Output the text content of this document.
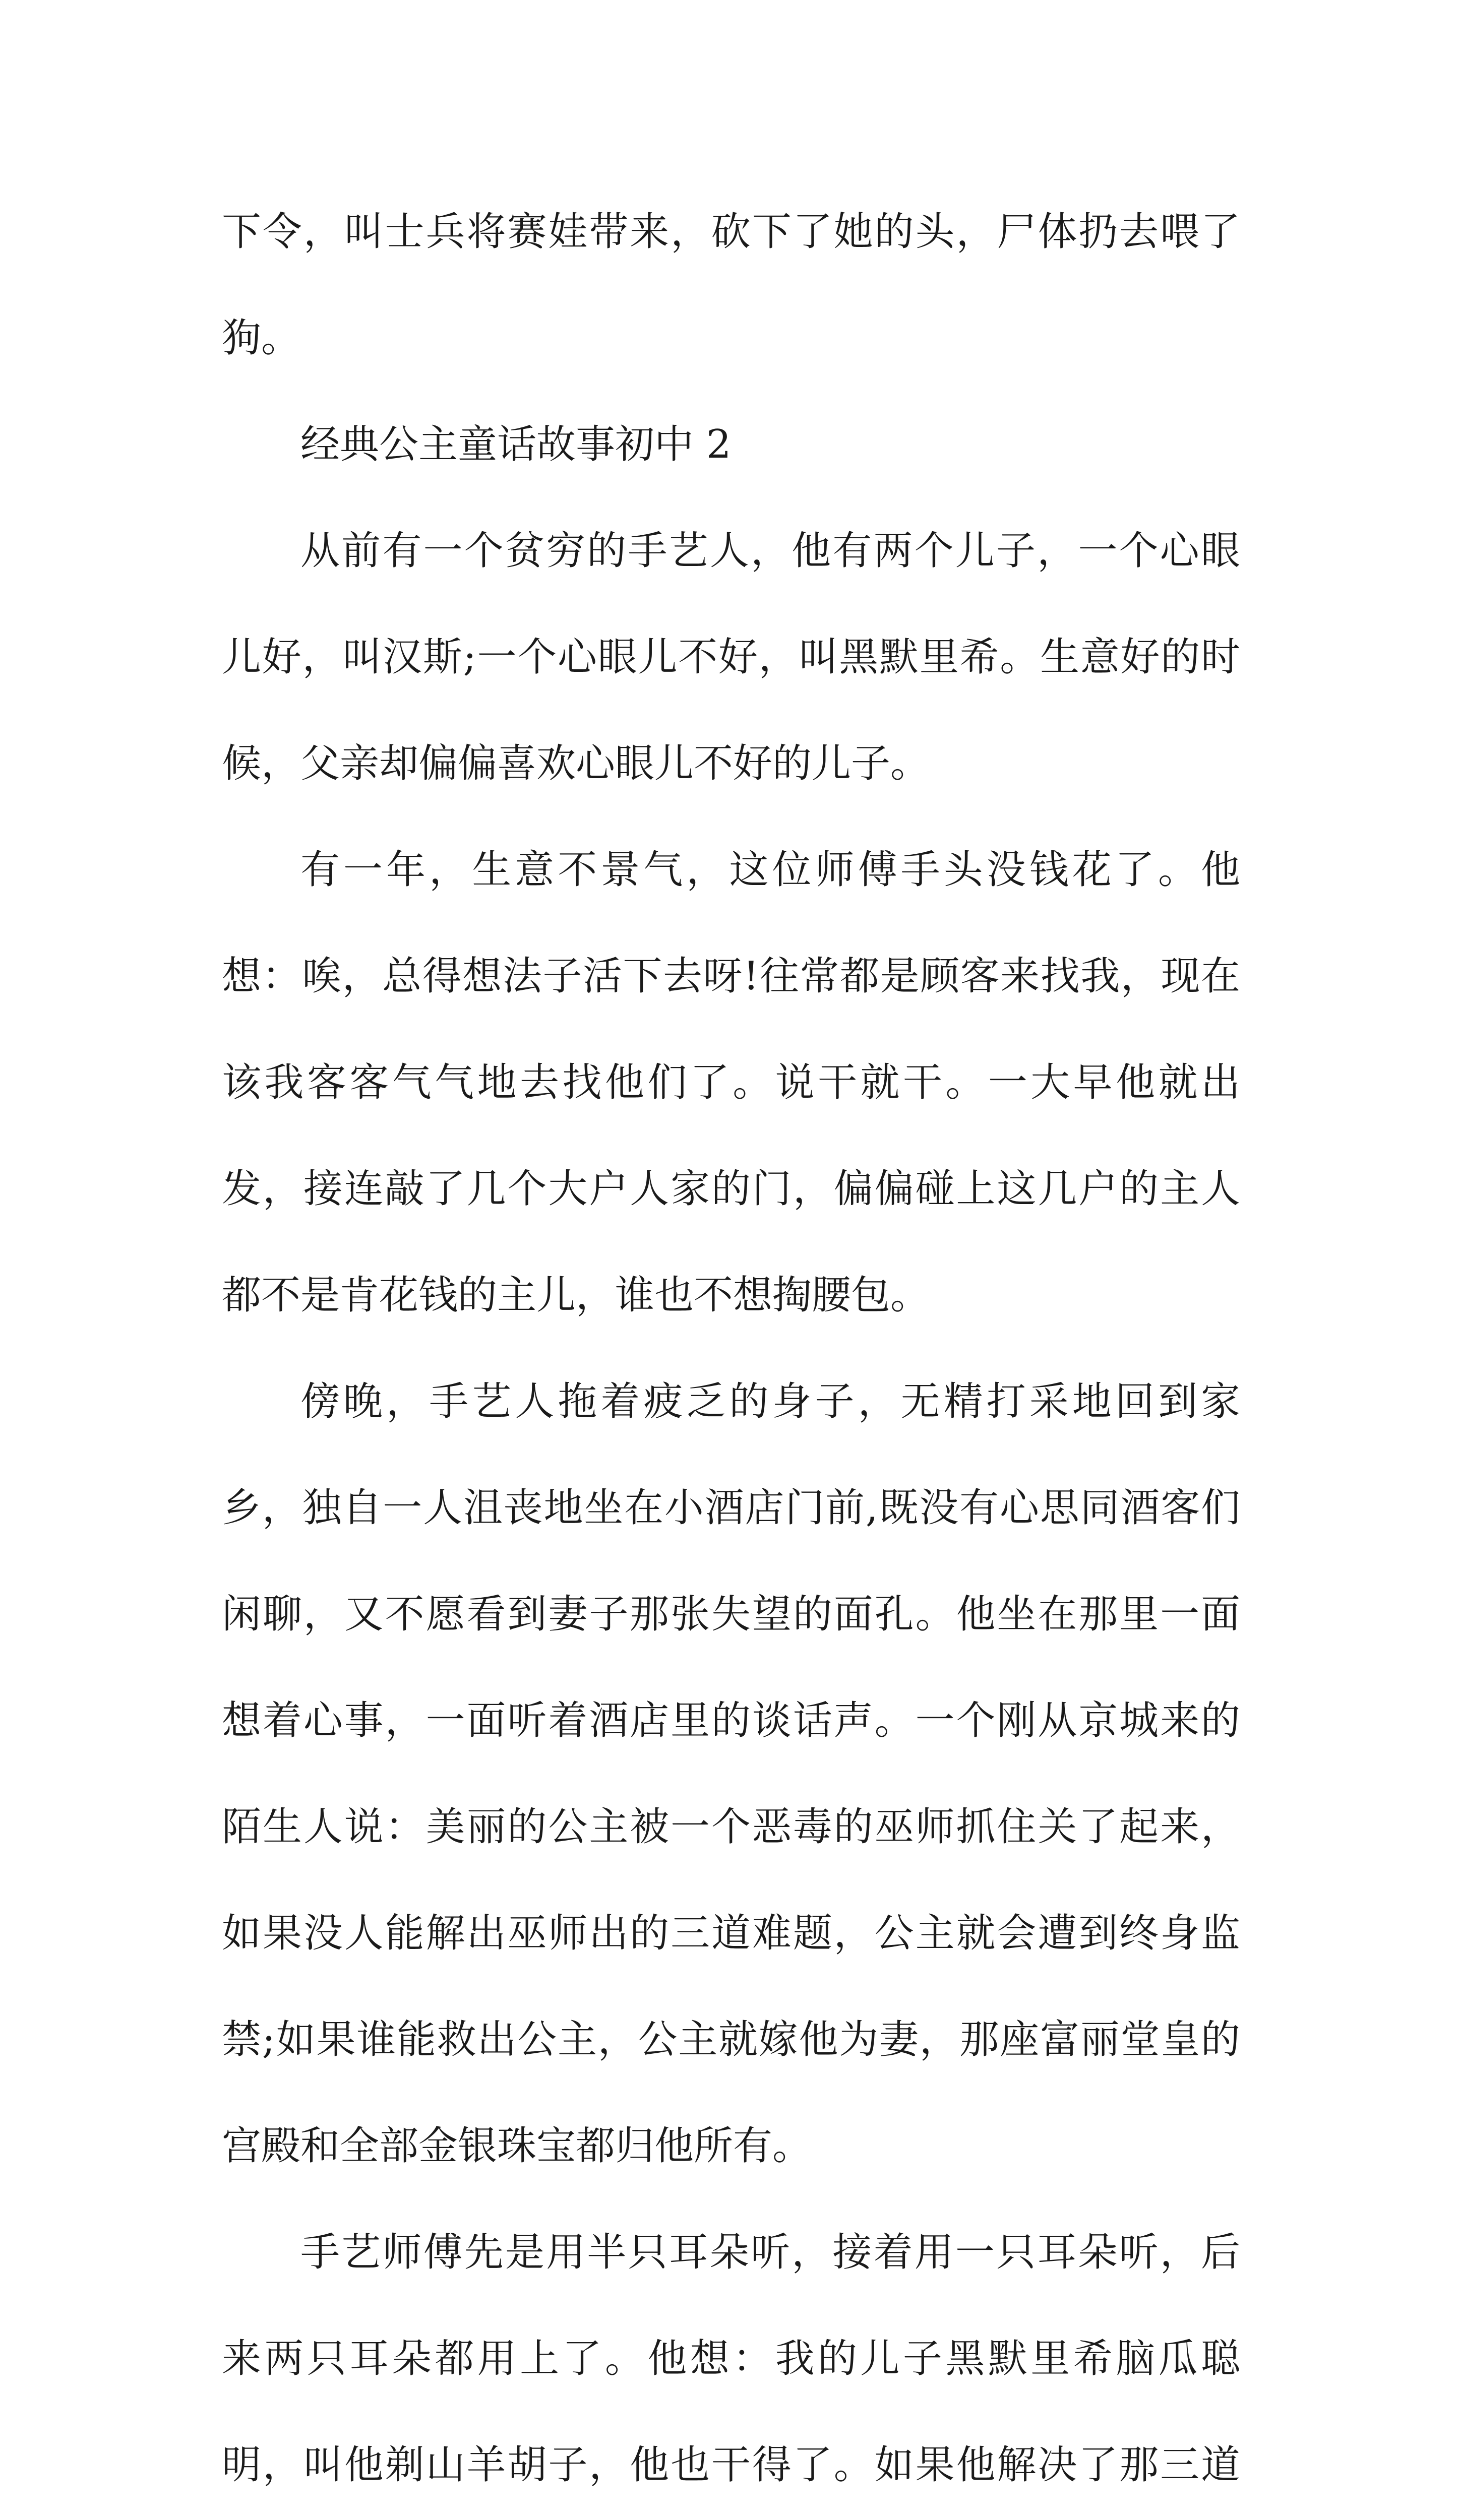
下令，叫士兵将赛娃带来，砍下了她的头，尸体扔去喂了狗。

经典公主童话故事初中 2

从前有一个贫穷的手艺人，他有两个儿子，一个心眼儿好，叫汉斯;一个心眼儿不好，叫黑默里希。生意好的时候，父亲却偏偏喜欢心眼儿不好的儿子。

有一年，生意不景气，这位师傅手头没钱花了。他想：唉，总得想法子活下去呀!往常都是顾客来找我，现在该我客客气气地去找他们了。说干就干。一大早他就出发，接连敲了几个大户人家的门，偏偏碰上这几户的主人都不是肯花钱的主儿，谁也不想掏腰包。

傍晚，手艺人拖着疲乏的身子，无精打采地回到家乡，独自一人沮丧地坐在小酒店门前,既没有心思同酒客们闲聊，又不愿看到妻子那张失望的面孔。他坐在那里一面想着心事，一面听着酒店里的谈话声。一个刚从京城来的陌生人说：美丽的公主被一个恶毒的巫师抓住关了起来，如果没人能解出巫师出的三道难题，公主就会遭到终身监禁;如果谁能救出公主，公主就嫁他为妻，那座富丽堂皇的宫殿和全部金银珠宝都归他所有。

手艺师傅先是用半只耳朵听，接着用一只耳朵听，后来两只耳朵都用上了。他想：我的儿子黑默里希脑瓜聪明，叫他剃山羊胡子，他也干得了。如果他解决了那三道
